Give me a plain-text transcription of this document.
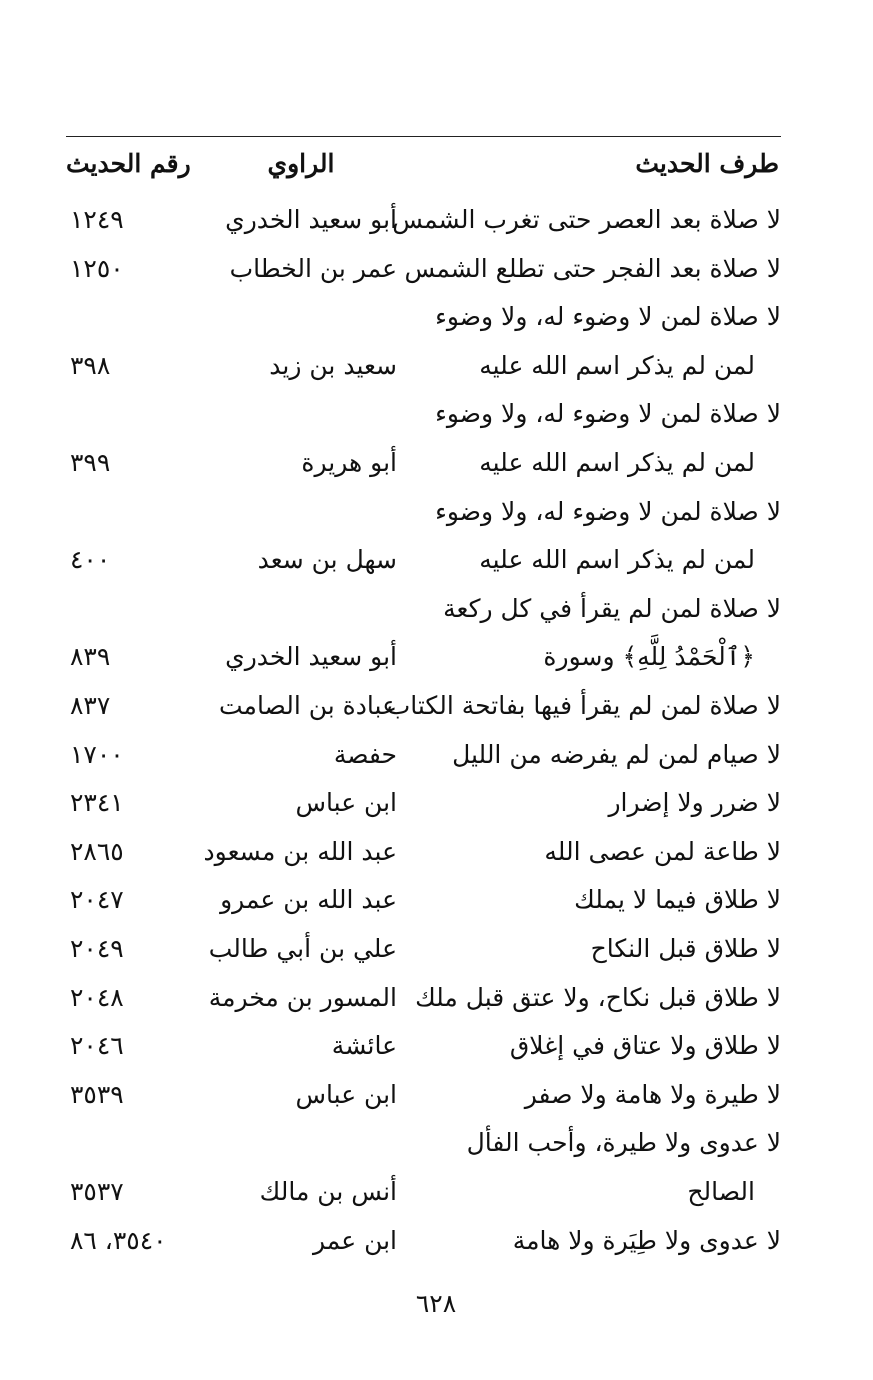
طرف الحديث
الراوي
رقم الحديث
لا صلاة بعد العصر حتى تغرب الشمس
أبو سعيد الخدري
١٢٤٩
لا صلاة بعد الفجر حتى تطلع الشمس
عمر بن الخطاب
١٢٥٠
لا صلاة لمن لا وضوء له، ولا وضوء
لمن لم يذكر اسم الله عليه
سعيد بن زيد
٣٩٨
لا صلاة لمن لا وضوء له، ولا وضوء
لمن لم يذكر اسم الله عليه
أبو هريرة
٣٩٩
لا صلاة لمن لا وضوء له، ولا وضوء
لمن لم يذكر اسم الله عليه
سهل بن سعد
٤٠٠
لا صلاة لمن لم يقرأ في كل ركعة
﴿ٱلْحَمْدُ لِلَّهِ﴾ وسورة
أبو سعيد الخدري
٨٣٩
لا صلاة لمن لم يقرأ فيها بفاتحة الكتاب
عبادة بن الصامت
٨٣٧
لا صيام لمن لم يفرضه من الليل
حفصة
١٧٠٠
لا ضرر ولا إضرار
ابن عباس
٢٣٤١
لا طاعة لمن عصى الله
عبد الله بن مسعود
٢٨٦٥
لا طلاق فيما لا يملك
عبد الله بن عمرو
٢٠٤٧
لا طلاق قبل النكاح
علي بن أبي طالب
٢٠٤٩
لا طلاق قبل نكاح، ولا عتق قبل ملك
المسور بن مخرمة
٢٠٤٨
لا طلاق ولا عتاق في إغلاق
عائشة
٢٠٤٦
لا طيرة ولا هامة ولا صفر
ابن عباس
٣٥٣٩
لا عدوى ولا طيرة، وأحب الفأل
الصالح
أنس بن مالك
٣٥٣٧
لا عدوى ولا طِيَرة ولا هامة
ابن عمر
٣٥٤٠، ٨٦
٦٢٨
